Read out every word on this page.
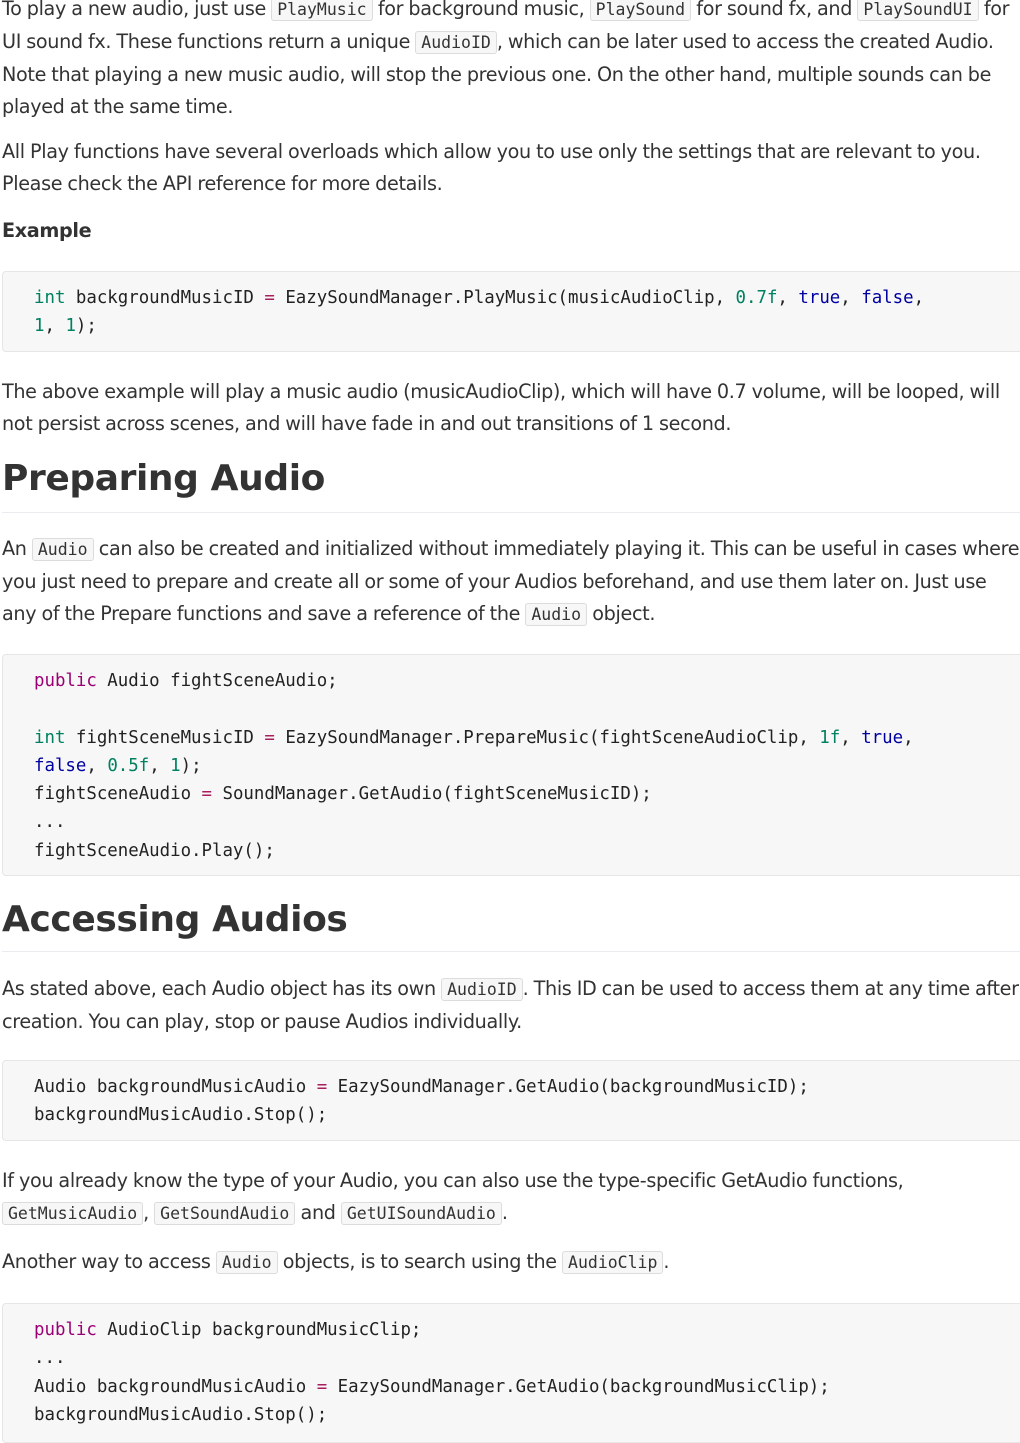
To play a new audio, just use PlayMusic for background music, PlaySound for sound fx, and PlaySoundUI for UI sound fx. These functions return a unique AudioID , which can be later used to access the created Audio. Note that playing a new music audio, will stop the previous one. On the other hand, multiple sounds can be played at the same time.

All Play functions have several overloads which allow you to use only the settings that are relevant to you. Please check the API reference for more details.

Example

int backgroundMusicID = EazySoundManager.PlayMusic(musicAudioClip, 0.7f, true, false,
1, 1);

The above example will play a music audio (musicAudioClip), which will have 0.7 volume, will be looped, will not persist across scenes, and will have fade in and out transitions of 1 second.

Preparing Audio

An Audio can also be created and initialized without immediately playing it. This can be useful in cases where you just need to prepare and create all or some of your Audios beforehand, and use them later on. Just use any of the Prepare functions and save a reference of the Audio object.

public Audio fightSceneAudio;

int fightSceneMusicID = EazySoundManager.PrepareMusic(fightSceneAudioClip, 1f, true,
false, 0.5f, 1);
fightSceneAudio = SoundManager.GetAudio(fightSceneMusicID);
...
fightSceneAudio.Play();
Accessing Audios

As stated above, each Audio object has its own AudioID . This ID can be used to access them at any time after creation. You can play, stop or pause Audios individually.

Audio backgroundMusicAudio = EazySoundManager.GetAudio(backgroundMusicID);
backgroundMusicAudio.Stop();

If you already know the type of your Audio, you can also use the type-specific GetAudio functions, GetMusicAudio , GetSoundAudio and GetUISoundAudio .

Another way to access Audio objects, is to search using the AudioClip .

public AudioClip backgroundMusicClip;
...
Audio backgroundMusicAudio = EazySoundManager.GetAudio(backgroundMusicClip);
backgroundMusicAudio.Stop();
